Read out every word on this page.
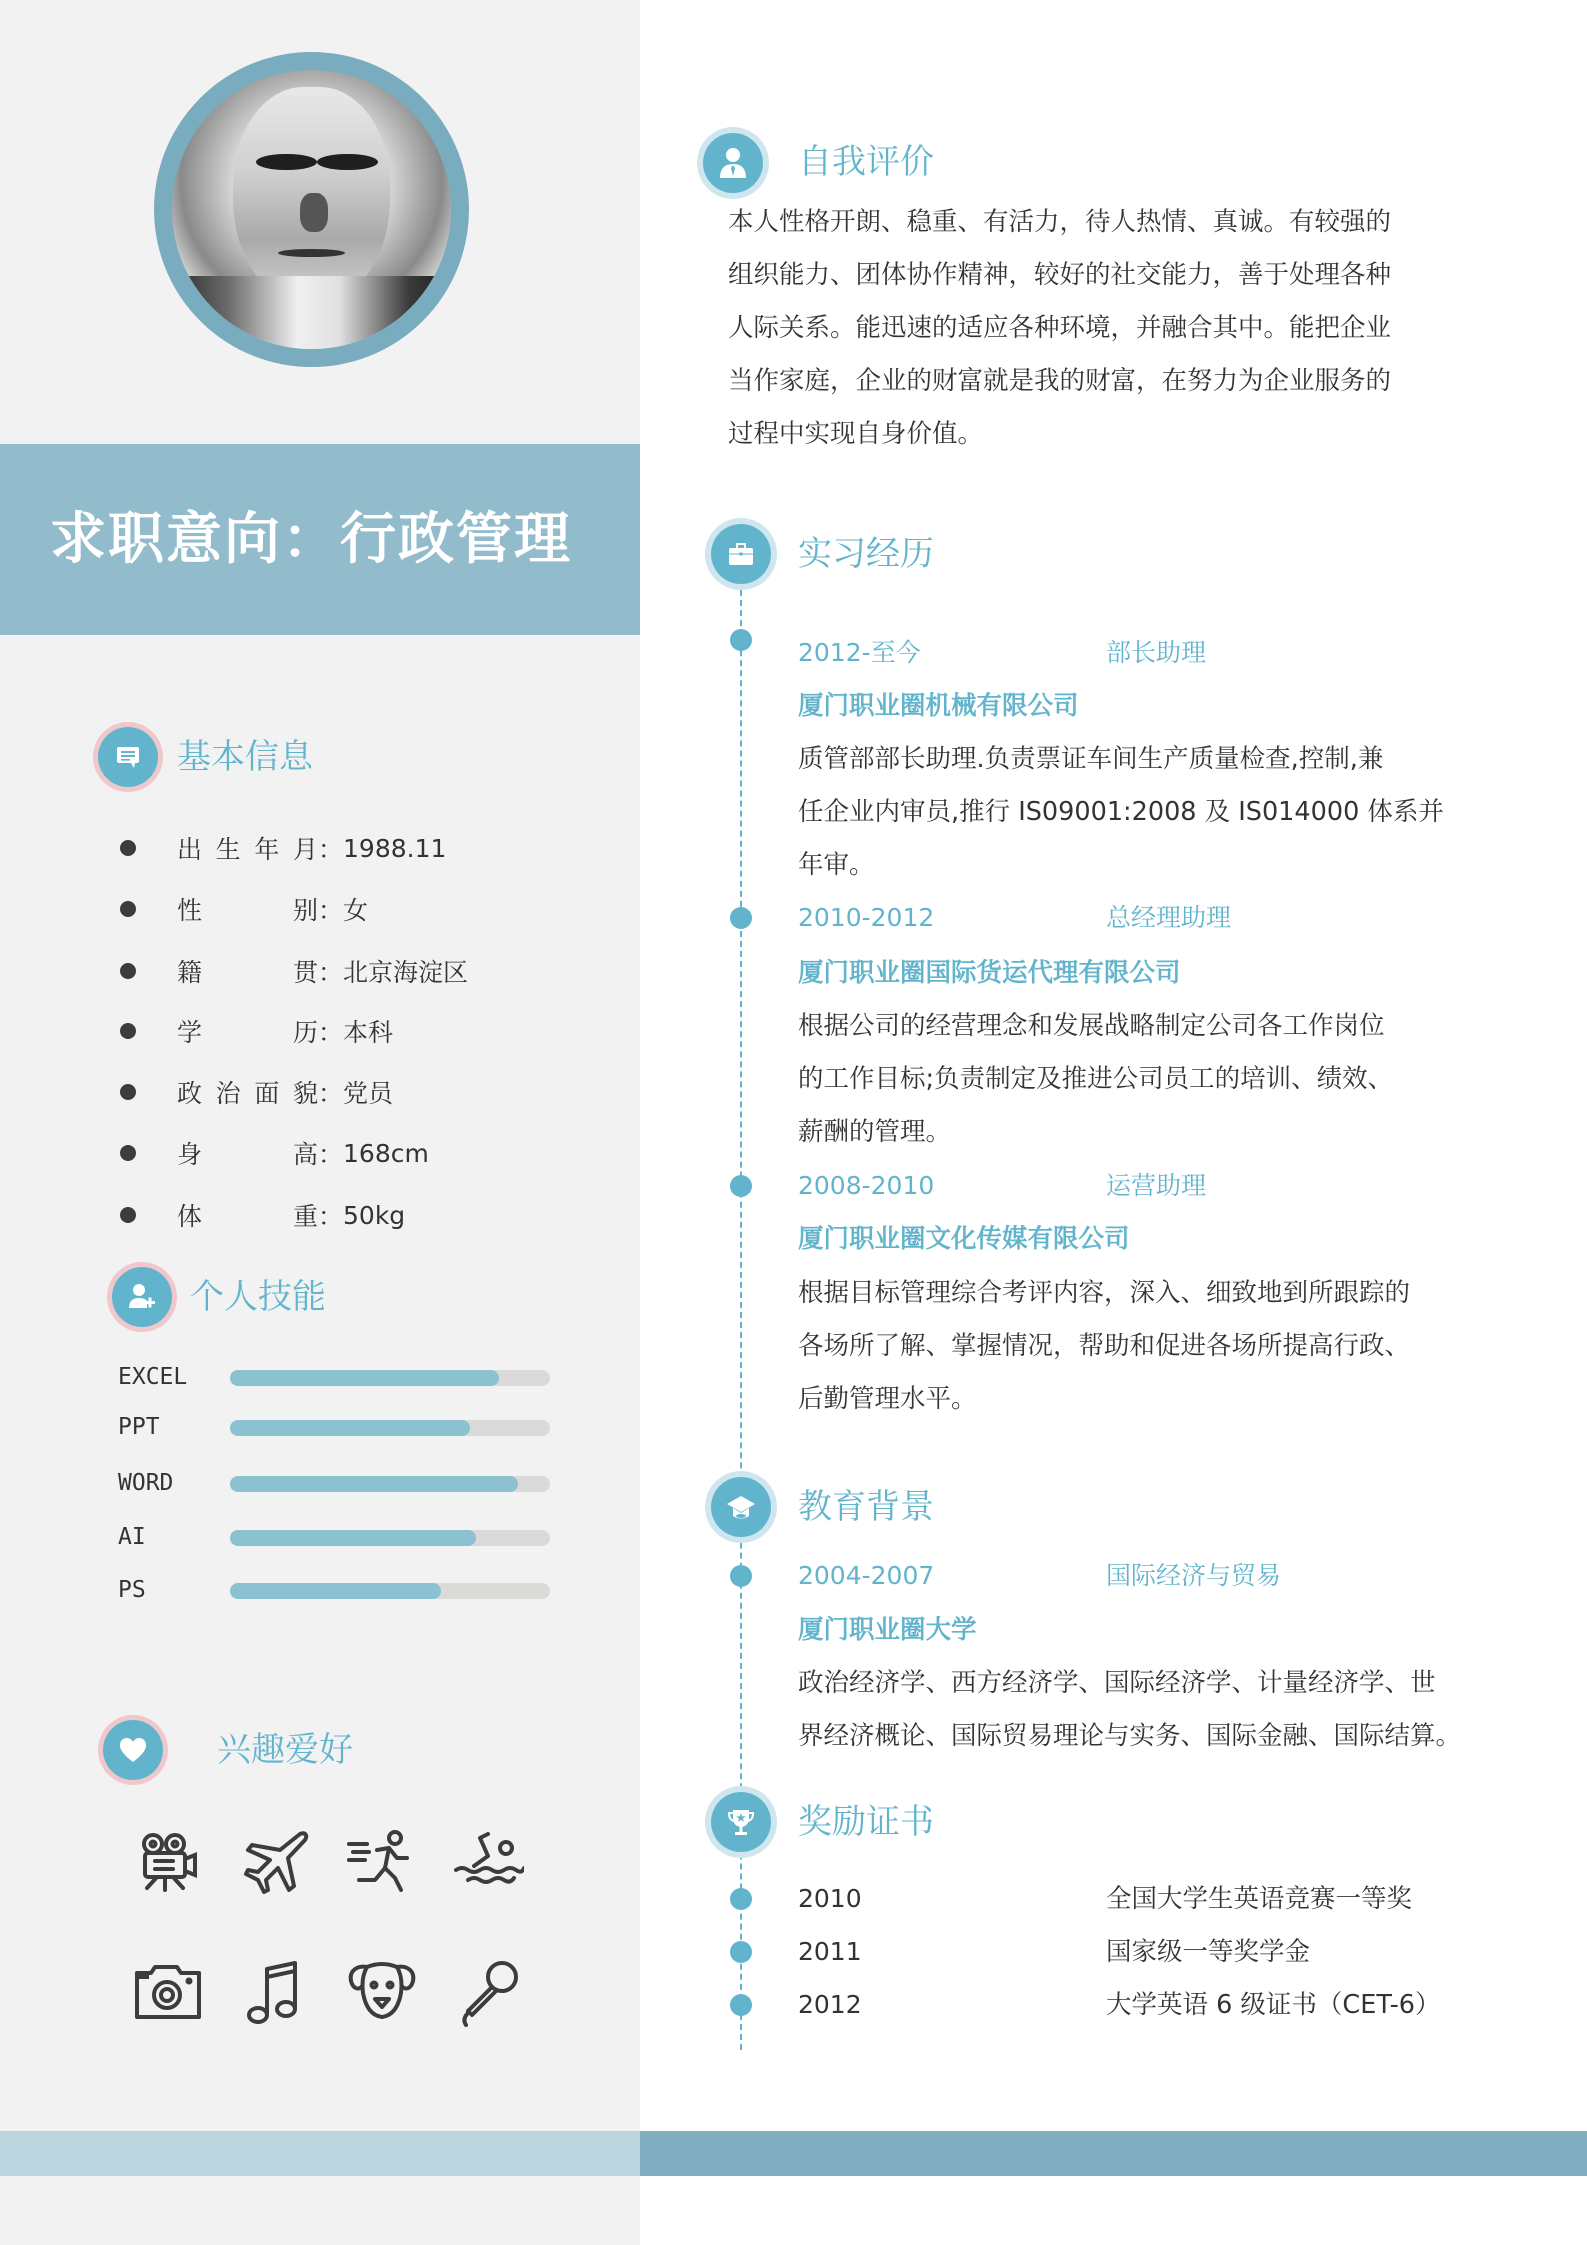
求职意向：行政管理
基本信息
出生年月 ： 1988.11
性别 ： 女
籍贯 ： 北京海淀区
学历 ： 本科
政治面貌 ： 党员
身高 ： 168cm
体重 ： 50kg
个人技能
EXCEL
PPT
WORD
AI
PS
兴趣爱好
自我评价
本人性格开朗、稳重、有活力，待人热情、真诚。有较强的
组织能力、团体协作精神，较好的社交能力，善于处理各种
人际关系。能迅速的适应各种环境，并融合其中。能把企业
当作家庭，企业的财富就是我的财富，在努力为企业服务的
过程中实现自身价值。
实习经历
2012-至今	部长助理
厦门职业圈机械有限公司
质管部部长助理.负责票证车间生产质量检查,控制,兼
任企业内审员,推行 IS09001:2008 及 IS014000 体系并
年审。
2010-2012	总经理助理
厦门职业圈国际货运代理有限公司
根据公司的经营理念和发展战略制定公司各工作岗位
的工作目标;负责制定及推进公司员工的培训、绩效、
薪酬的管理。
2008-2010	运营助理
厦门职业圈文化传媒有限公司
根据目标管理综合考评内容，深入、细致地到所跟踪的
各场所了解、掌握情况，帮助和促进各场所提高行政、
后勤管理水平。
教育背景
2004-2007	国际经济与贸易
厦门职业圈大学
政治经济学、西方经济学、国际经济学、计量经济学、世
界经济概论、国际贸易理论与实务、国际金融、国际结算。
奖励证书
2010	全国大学生英语竞赛一等奖
2011	国家级一等奖学金
2012	大学英语 6 级证书（CET-6）
